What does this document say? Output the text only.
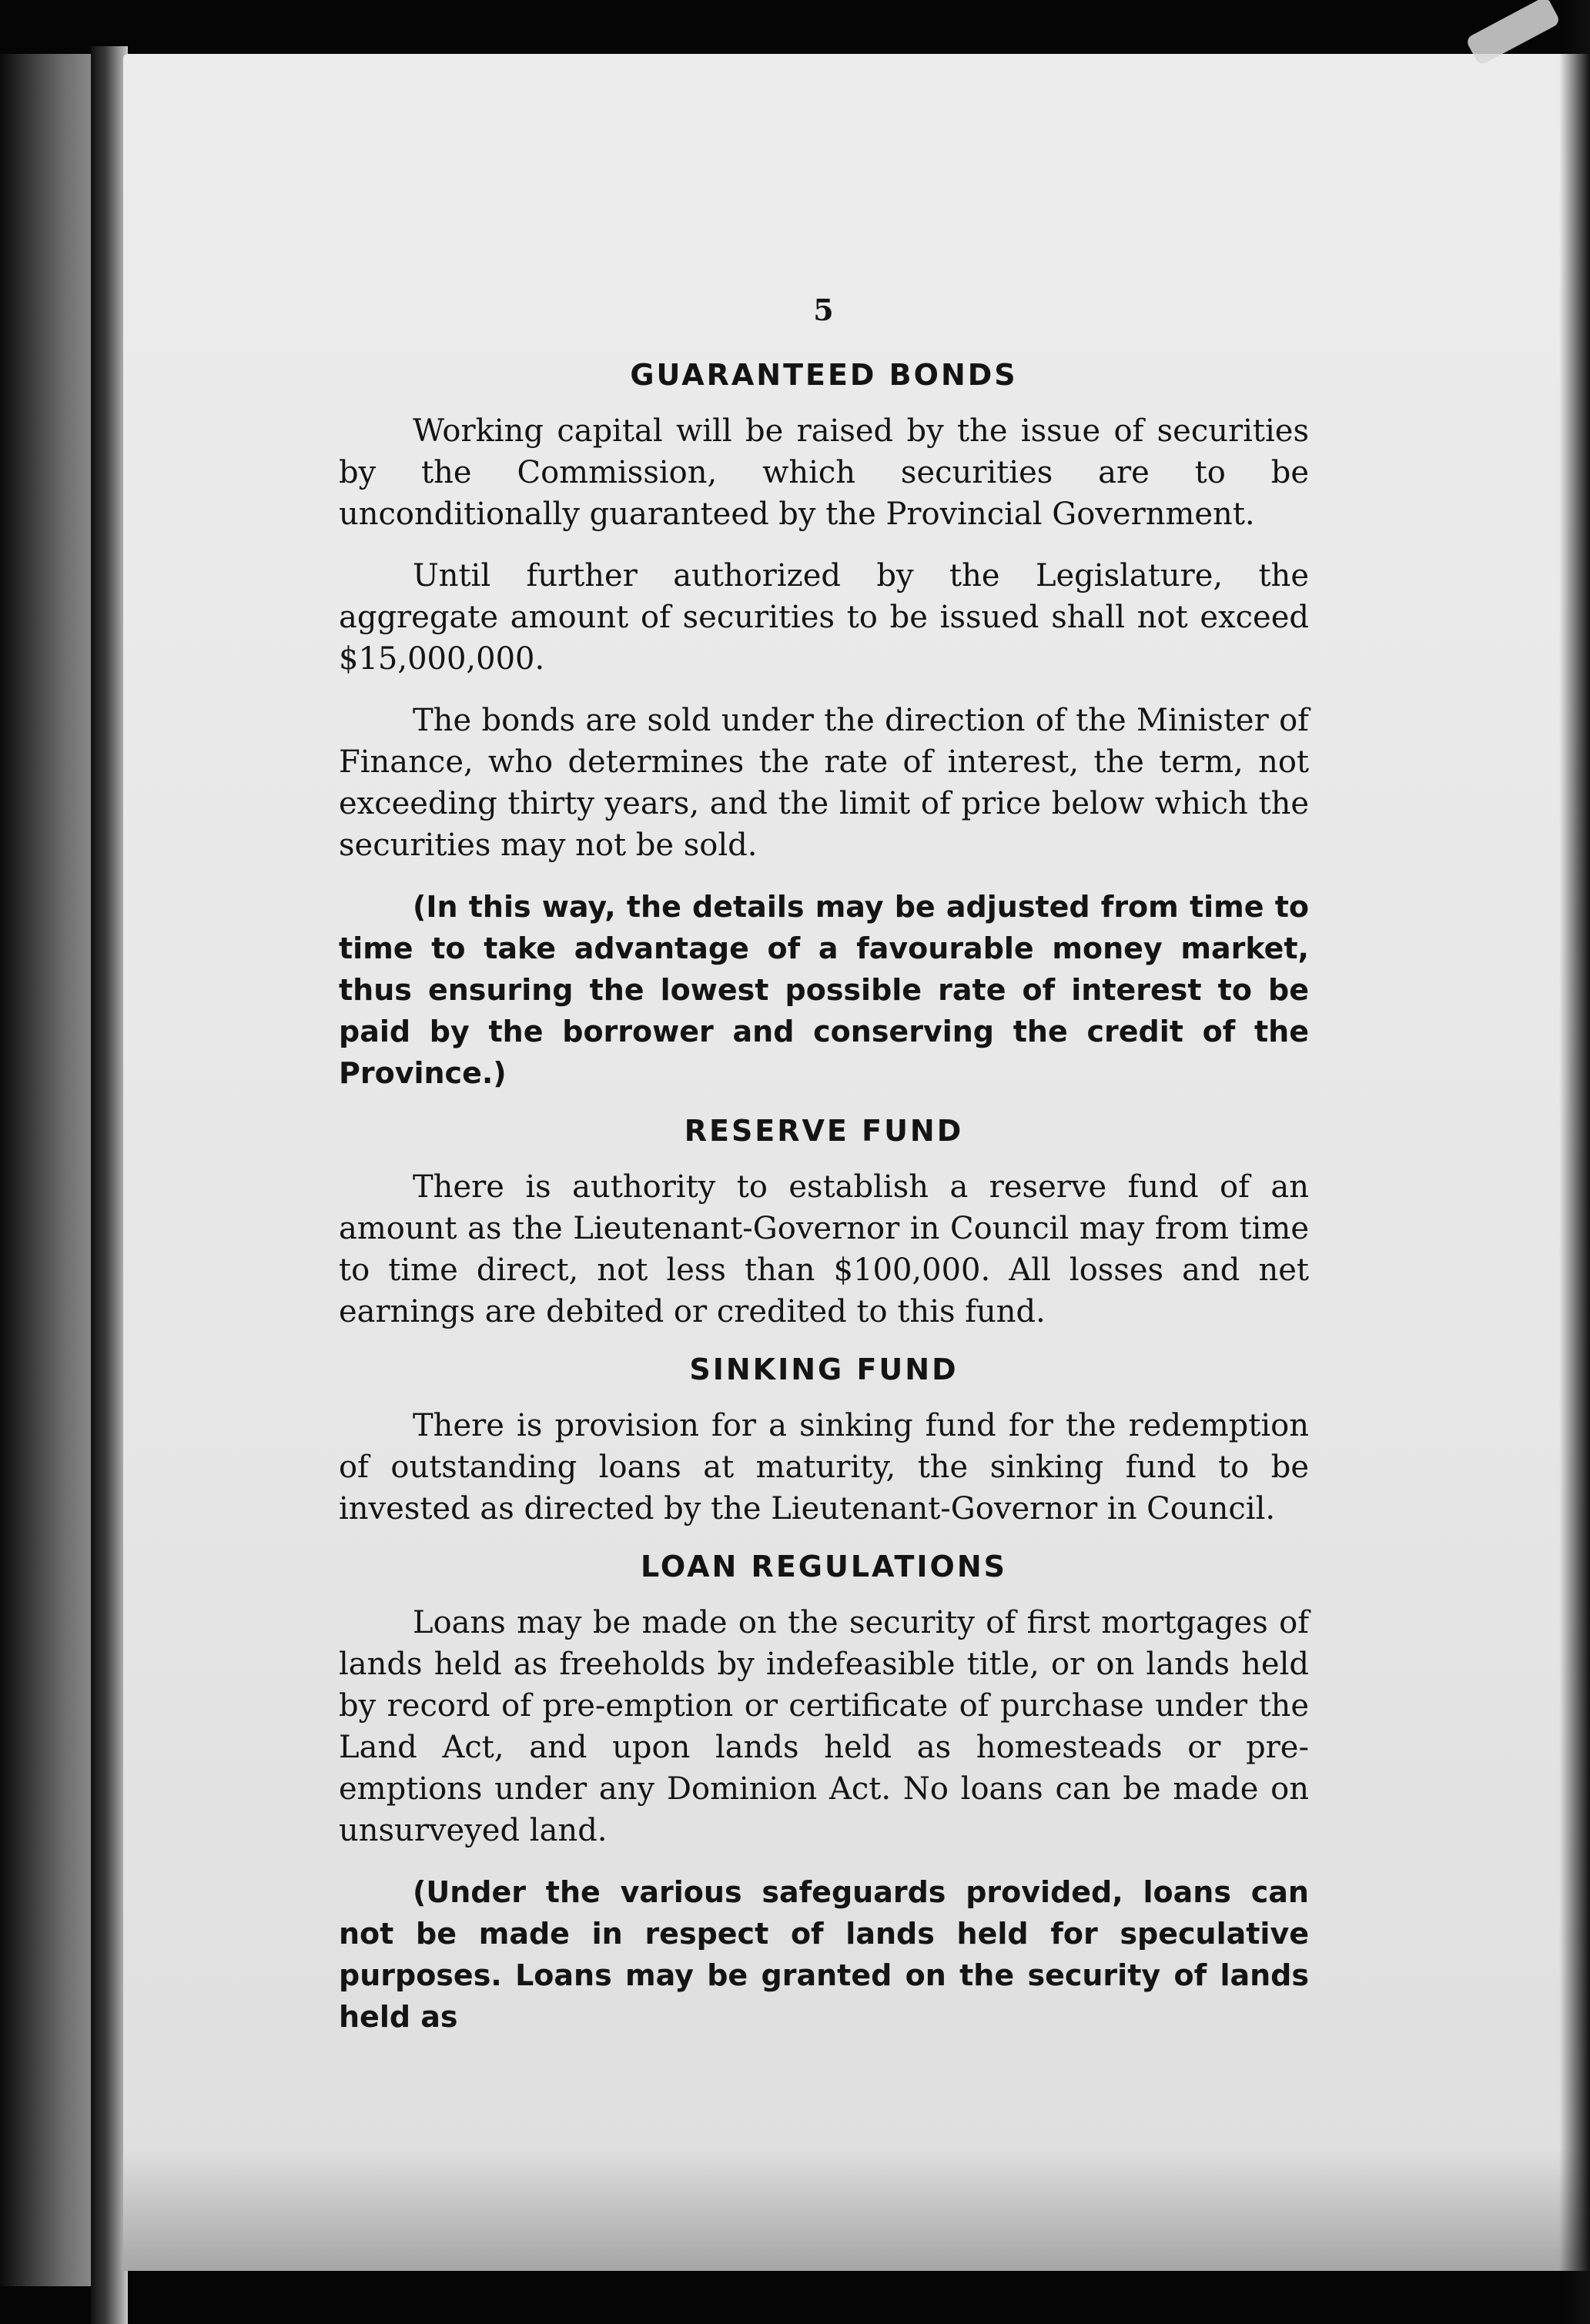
5
GUARANTEED BONDS

Working capital will be raised by the issue of securities by the Commission, which securities are to be unconditionally guaranteed by the Provincial Government.

Until further authorized by the Legislature, the aggregate amount of securities to be issued shall not exceed $15,000,000.

The bonds are sold under the direction of the Minister of Finance, who determines the rate of interest, the term, not exceeding thirty years, and the limit of price below which the securities may not be sold.

(In this way, the details may be adjusted from time to time to take advantage of a favourable money market, thus ensuring the lowest possible rate of interest to be paid by the borrower and conserving the credit of the Province.)

RESERVE FUND

There is authority to establish a reserve fund of an amount as the Lieutenant-Governor in Council may from time to time direct, not less than $100,000. All losses and net earnings are debited or credited to this fund.

SINKING FUND

There is provision for a sinking fund for the redemption of outstanding loans at maturity, the sinking fund to be invested as directed by the Lieutenant-Governor in Council.

LOAN REGULATIONS

Loans may be made on the security of first mortgages of lands held as freeholds by indefeasible title, or on lands held by record of pre-emption or certificate of purchase under the Land Act, and upon lands held as homesteads or pre-emptions under any Dominion Act. No loans can be made on unsurveyed land.

(Under the various safeguards provided, loans can not be made in respect of lands held for speculative purposes. Loans may be granted on the security of lands held as
